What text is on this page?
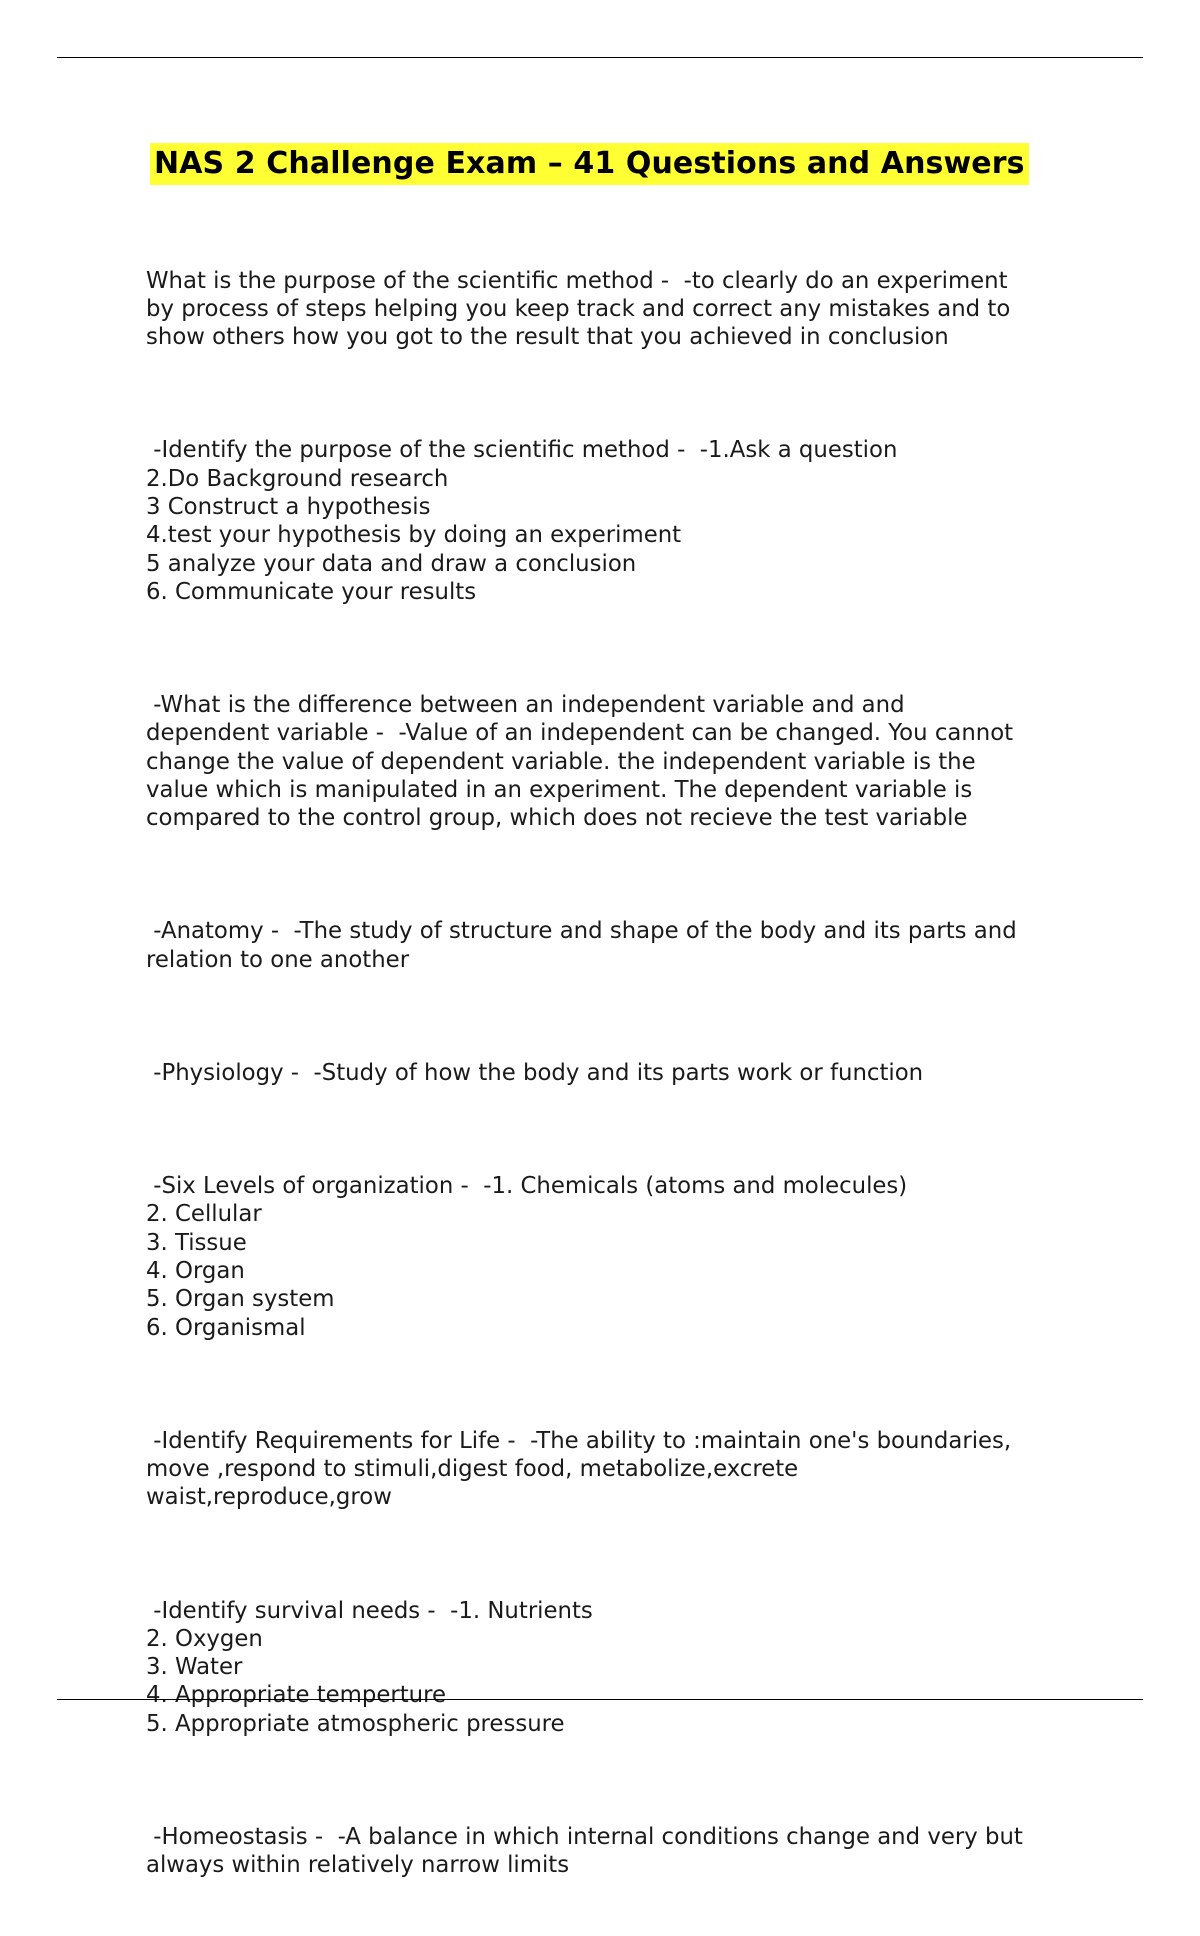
NAS 2 Challenge Exam – 41 Questions and Answers

What is the purpose of the scientific method -  -to clearly do an experiment
by process of steps helping you keep track and correct any mistakes and to
show others how you got to the result that you achieved in conclusion

-Identify the purpose of the scientific method -  -1.Ask a question
2.Do Background research
3 Construct a hypothesis
4.test your hypothesis by doing an experiment
5 analyze your data and draw a conclusion
6. Communicate your results

-What is the difference between an independent variable and and
dependent variable -  -Value of an independent can be changed. You cannot
change the value of dependent variable. the independent variable is the
value which is manipulated in an experiment. The dependent variable is
compared to the control group, which does not recieve the test variable

-Anatomy -  -The study of structure and shape of the body and its parts and
relation to one another

-Physiology -  -Study of how the body and its parts work or function

-Six Levels of organization -  -1. Chemicals (atoms and molecules)
2. Cellular
3. Tissue
4. Organ
5. Organ system
6. Organismal

-Identify Requirements for Life -  -The ability to :maintain one's boundaries,
move ,respond to stimuli,digest food, metabolize,excrete
waist,reproduce,grow

-Identify survival needs -  -1. Nutrients
2. Oxygen
3. Water
4. Appropriate temperture
5. Appropriate atmospheric pressure

-Homeostasis -  -A balance in which internal conditions change and very but
always within relatively narrow limits
